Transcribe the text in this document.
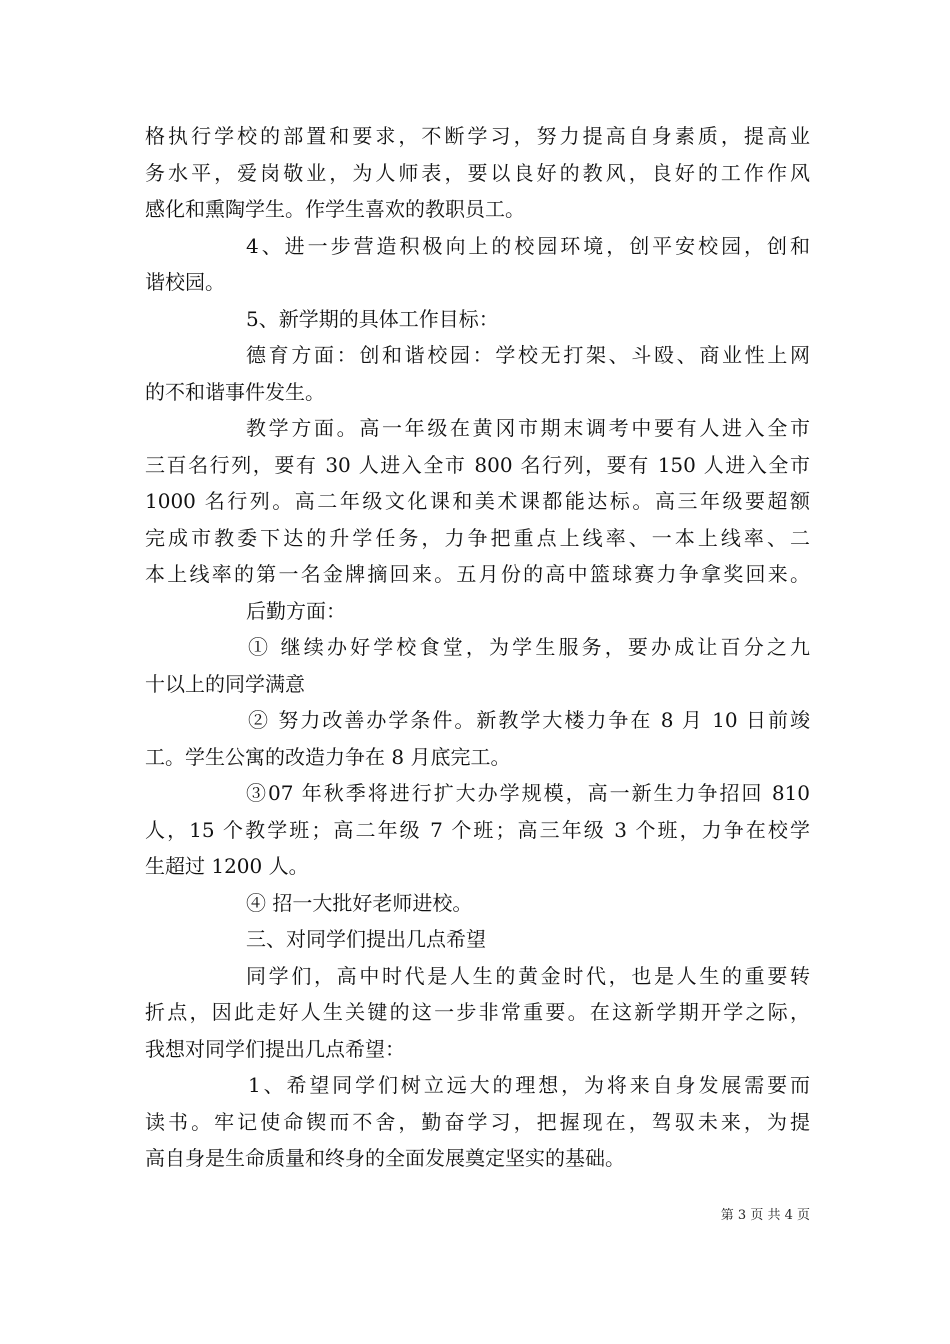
格执行学校的部置和要求，不断学习，努力提高自身素质，提高业
务水平，爱岗敬业，为人师表，要以良好的教风，良好的工作作风
感化和熏陶学生。作学生喜欢的教职员工。
4、进一步营造积极向上的校园环境，创平安校园，创和
谐校园。
5、新学期的具体工作目标：
德育方面：创和谐校园：学校无打架、斗殴、商业性上网
的不和谐事件发生。
教学方面。高一年级在黄冈市期末调考中要有人进入全市
三百名行列，要有 30 人进入全市 800 名行列，要有 150 人进入全市
1000 名行列。高二年级文化课和美术课都能达标。高三年级要超额
完成市教委下达的升学任务，力争把重点上线率、一本上线率、二
本上线率的第一名金牌摘回来。五月份的高中篮球赛力争拿奖回来。
后勤方面：
① 继续办好学校食堂，为学生服务，要办成让百分之九
十以上的同学满意
② 努力改善办学条件。新教学大楼力争在 8 月 10 日前竣
工。学生公寓的改造力争在 8 月底完工。
③07 年秋季将进行扩大办学规模，高一新生力争招回 810
人，15 个教学班；高二年级 7 个班；高三年级 3 个班，力争在校学
生超过 1200 人。
④ 招一大批好老师进校。
三、对同学们提出几点希望
同学们，高中时代是人生的黄金时代，也是人生的重要转
折点，因此走好人生关键的这一步非常重要。在这新学期开学之际，
我想对同学们提出几点希望：
1、希望同学们树立远大的理想，为将来自身发展需要而
读书。牢记使命锲而不舍，勤奋学习，把握现在，驾驭未来，为提
高自身是生命质量和终身的全面发展奠定坚实的基础。
第 3 页 共 4 页
